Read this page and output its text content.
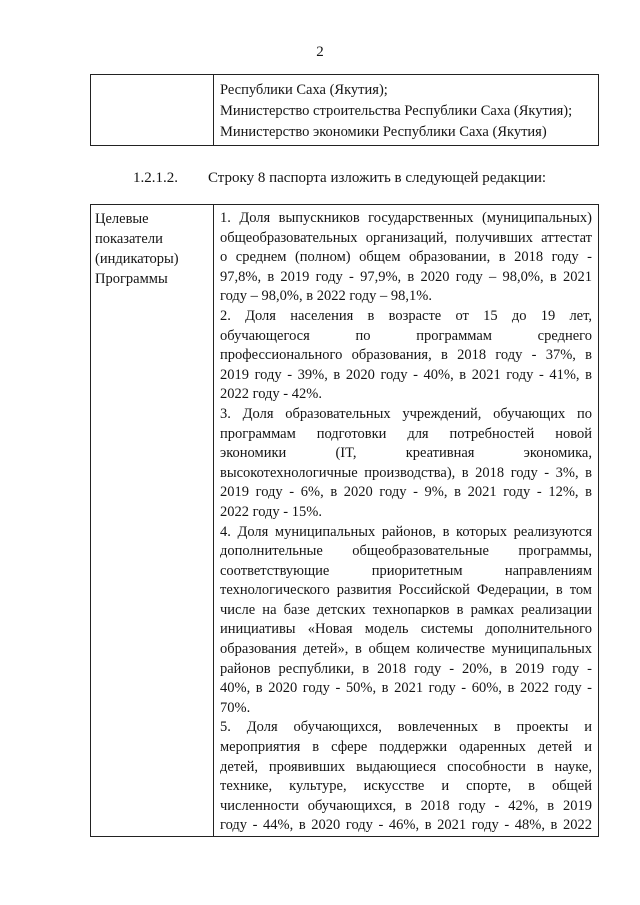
2

Республики Саха (Якутия);
Министерство строительства Республики Саха (Якутия);
Министерство экономики Республики Саха (Якутия)
1.2.1.2. Строку 8 паспорта изложить в следующей редакции:
Целевые
показатели
(индикаторы)
Программы

1. Доля выпускников государственных (муниципальных)
общеобразовательных организаций, получивших аттестат
о среднем (полном) общем образовании, в 2018 году -
97,8%, в 2019 году - 97,9%, в 2020 году – 98,0%, в 2021
году – 98,0%, в 2022 году – 98,1%.
2. Доля населения в возрасте от 15 до 19 лет,
обучающегося по программам среднего
профессионального образования, в 2018 году - 37%, в
2019 году - 39%, в 2020 году - 40%, в 2021 году - 41%, в
2022 году - 42%.
3. Доля образовательных учреждений, обучающих по
программам подготовки для потребностей новой
экономики (IT, креативная экономика,
высокотехнологичные производства), в 2018 году - 3%, в
2019 году - 6%, в 2020 году - 9%, в 2021 году - 12%, в
2022 году - 15%.
4. Доля муниципальных районов, в которых реализуются
дополнительные общеобразовательные программы,
соответствующие приоритетным направлениям
технологического развития Российской Федерации, в том
числе на базе детских технопарков в рамках реализации
инициативы «Новая модель системы дополнительного
образования детей», в общем количестве муниципальных
районов республики, в 2018 году - 20%, в 2019 году -
40%, в 2020 году - 50%, в 2021 году - 60%, в 2022 году -
70%.
5. Доля обучающихся, вовлеченных в проекты и
мероприятия в сфере поддержки одаренных детей и
детей, проявивших выдающиеся способности в науке,
технике, культуре, искусстве и спорте, в общей
численности обучающихся, в 2018 году - 42%, в 2019
году - 44%, в 2020 году - 46%, в 2021 году - 48%, в 2022
